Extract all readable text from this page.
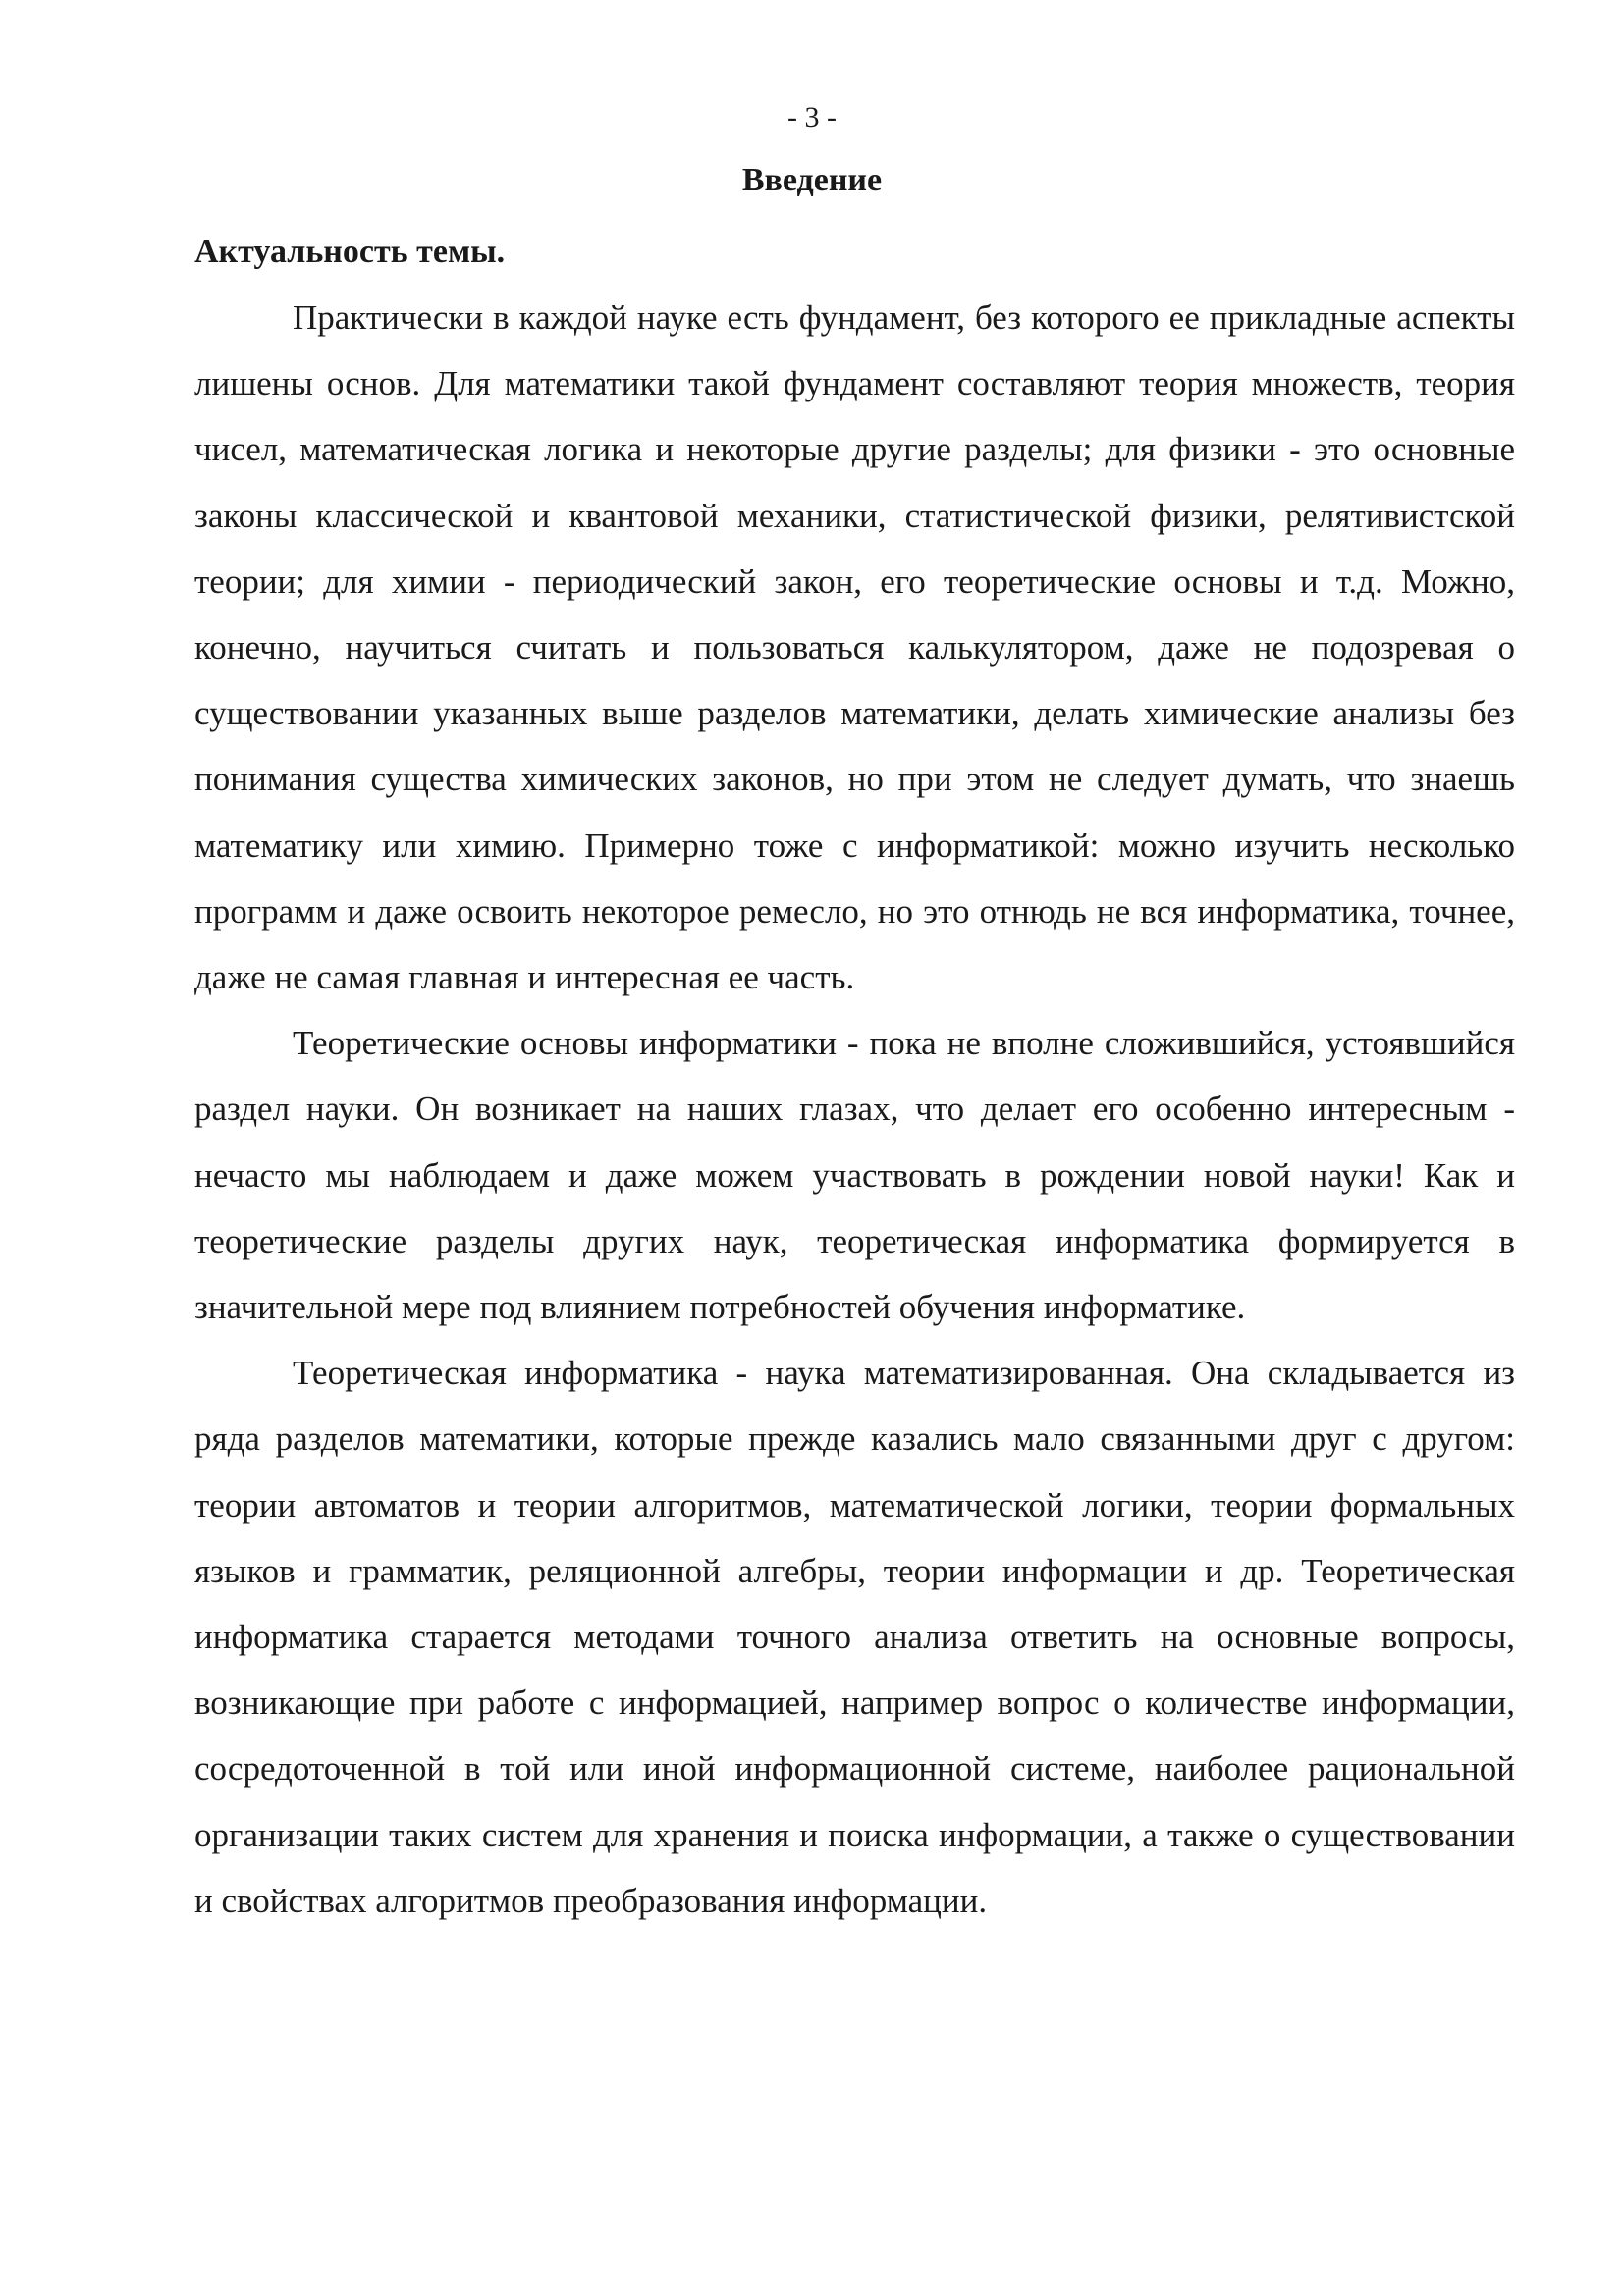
- 3 -
Введение

Актуальность темы.

Практически в каждой науке есть фундамент, без которого ее прикладные аспекты лишены основ. Для математики такой фундамент составляют теория множеств, теория чисел, математическая логика и некоторые другие разделы; для физики - это основные законы классической и квантовой механики, статистической физики, релятивистской теории; для химии - периодический закон, его теоретические основы и т.д. Можно, конечно, научиться считать и пользоваться калькулятором, даже не подозревая о существовании указанных выше разделов математики, делать химические анализы без понимания существа химических законов, но при этом не следует думать, что знаешь математику или химию. Примерно тоже с информатикой: можно изучить несколько программ и даже освоить некоторое ремесло, но это отнюдь не вся информатика, точнее, даже не самая главная и интересная ее часть.

Теоретические основы информатики - пока не вполне сложившийся, устоявшийся раздел науки. Он возникает на наших глазах, что делает его особенно интересным - нечасто мы наблюдаем и даже можем участвовать в рождении новой науки! Как и теоретические разделы других наук, теоретическая информатика формируется в значительной мере под влиянием потребностей обучения информатике.

Теоретическая информатика - наука математизированная. Она складывается из ряда разделов математики, которые прежде казались мало связанными друг с другом: теории автоматов и теории алгоритмов, математической логики, теории формальных языков и грамматик, реляционной алгебры, теории информации и др. Теоретическая информатика старается методами точного анализа ответить на основные вопросы, возникающие при работе с информацией, например вопрос о количестве информации, сосредоточенной в той или иной информационной системе, наиболее рациональной организации таких систем для хранения и поиска информации, а также о существовании и свойствах алгоритмов преобразования информации.
